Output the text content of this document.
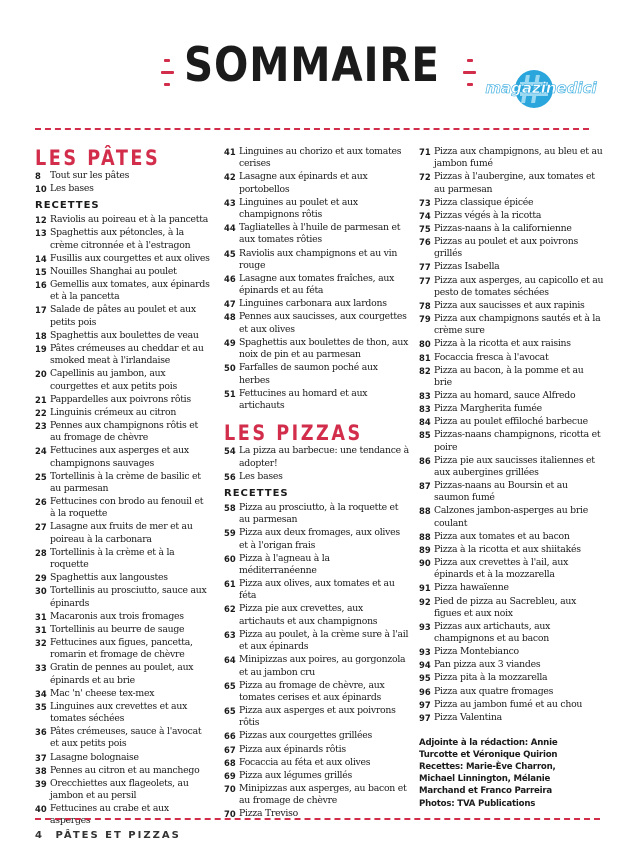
SOMMAIRE	magazinedici
LES PÂTES
8 Tout sur les pâtes
10 Les bases
RECETTES
12 Raviolis au poireau et à la pancetta
13 Spaghettis aux pétoncles, à la crème citronnée et à l'estragon
14 Fusillis aux courgettes et aux olives
15 Nouilles Shanghai au poulet
16 Gemellis aux tomates, aux épinards et à la pancetta
17 Salade de pâtes au poulet et aux petits pois
18 Spaghettis aux boulettes de veau
19 Pâtes crémeuses au cheddar et au smoked meat à l'irlandaise
20 Capellinis au jambon, aux courgettes et aux petits pois
21 Pappardelles aux poivrons rôtis
22 Linguinis crémeux au citron
23 Pennes aux champignons rôtis et au fromage de chèvre
24 Fettucines aux asperges et aux champignons sauvages
25 Tortellinis à la crème de basilic et au parmesan
26 Fettucines con brodo au fenouil et à la roquette
27 Lasagne aux fruits de mer et au poireau à la carbonara
28 Tortellinis à la crème et à la roquette
29 Spaghettis aux langoustes
30 Tortellinis au prosciutto, sauce aux épinards
31 Macaronis aux trois fromages
31 Tortellinis au beurre de sauge
32 Fettucines aux figues, pancetta, romarin et fromage de chèvre
33 Gratin de pennes au poulet, aux épinards et au brie
34 Mac 'n' cheese tex-mex
35 Linguines aux crevettes et aux tomates séchées
36 Pâtes crémeuses, sauce à l'avocat et aux petits pois
37 Lasagne bolognaise
38 Pennes au citron et au manchego
39 Orecchiettes aux flageolets, au jambon et au persil
40 Fettucines au crabe et aux asperges
41 Linguines au chorizo et aux tomates cerises
42 Lasagne aux épinards et aux portobellos
43 Linguines au poulet et aux champignons rôtis
44 Tagliatelles à l'huile de parmesan et aux tomates rôties
45 Raviolis aux champignons et au vin rouge
46 Lasagne aux tomates fraîches, aux épinards et au féta
47 Linguines carbonara aux lardons
48 Pennes aux saucisses, aux courgettes et aux olives
49 Spaghettis aux boulettes de thon, aux noix de pin et au parmesan
50 Farfalles de saumon poché aux herbes
51 Fettucines au homard et aux artichauts
LES PIZZAS
54 La pizza au barbecue: une tendance à adopter!
56 Les bases
RECETTES
58 Pizza au prosciutto, à la roquette et au parmesan
59 Pizza aux deux fromages, aux olives et à l'origan frais
60 Pizza à l'agneau à la méditerranéenne
61 Pizza aux olives, aux tomates et au féta
62 Pizza pie aux crevettes, aux artichauts et aux champignons
63 Pizza au poulet, à la crème sure à l'ail et aux épinards
64 Minipizzas aux poires, au gorgonzola et au jambon cru
65 Pizza au fromage de chèvre, aux tomates cerises et aux épinards
65 Pizza aux asperges et aux poivrons rôtis
66 Pizzas aux courgettes grillées
67 Pizza aux épinards rôtis
68 Focaccia au féta et aux olives
69 Pizza aux légumes grillés
70 Minipizzas aux asperges, au bacon et au fromage de chèvre
70 Pizza Treviso
71 Pizza aux champignons, au bleu et au jambon fumé
72 Pizzas à l'aubergine, aux tomates et au parmesan
73 Pizza classique épicée
74 Pizzas végés à la ricotta
75 Pizzas-naans à la californienne
76 Pizzas au poulet et aux poivrons grillés
77 Pizzas Isabella
77 Pizza aux asperges, au capicollo et au pesto de tomates séchées
78 Pizza aux saucisses et aux rapinis
79 Pizza aux champignons sautés et à la crème sure
80 Pizza à la ricotta et aux raisins
81 Focaccia fresca à l'avocat
82 Pizza au bacon, à la pomme et au brie
83 Pizza au homard, sauce Alfredo
83 Pizza Margherita fumée
84 Pizza au poulet effiloché barbecue
85 Pizzas-naans champignons, ricotta et poire
86 Pizza pie aux saucisses italiennes et aux aubergines grillées
87 Pizzas-naans au Boursin et au saumon fumé
88 Calzones jambon-asperges au brie coulant
88 Pizza aux tomates et au bacon
89 Pizza à la ricotta et aux shiitakés
90 Pizza aux crevettes à l'ail, aux épinards et à la mozzarella
91 Pizza hawaïenne
92 Pied de pizza au Sacrebleu, aux figues et aux noix
93 Pizzas aux artichauts, aux champignons et au bacon
93 Pizza Montebianco
94 Pan pizza aux 3 viandes
95 Pizza pita à la mozzarella
96 Pizza aux quatre fromages
97 Pizza au jambon fumé et au chou
97 Pizza Valentina
Adjointe à la rédaction: Annie
Turcotte et Véronique Quirion
Recettes: Marie-Ève Charron,
Michael Linnington, Mélanie
Marchand et Franco Parreira
Photos: TVA Publications
4 PÂTES ET PIZZAS
